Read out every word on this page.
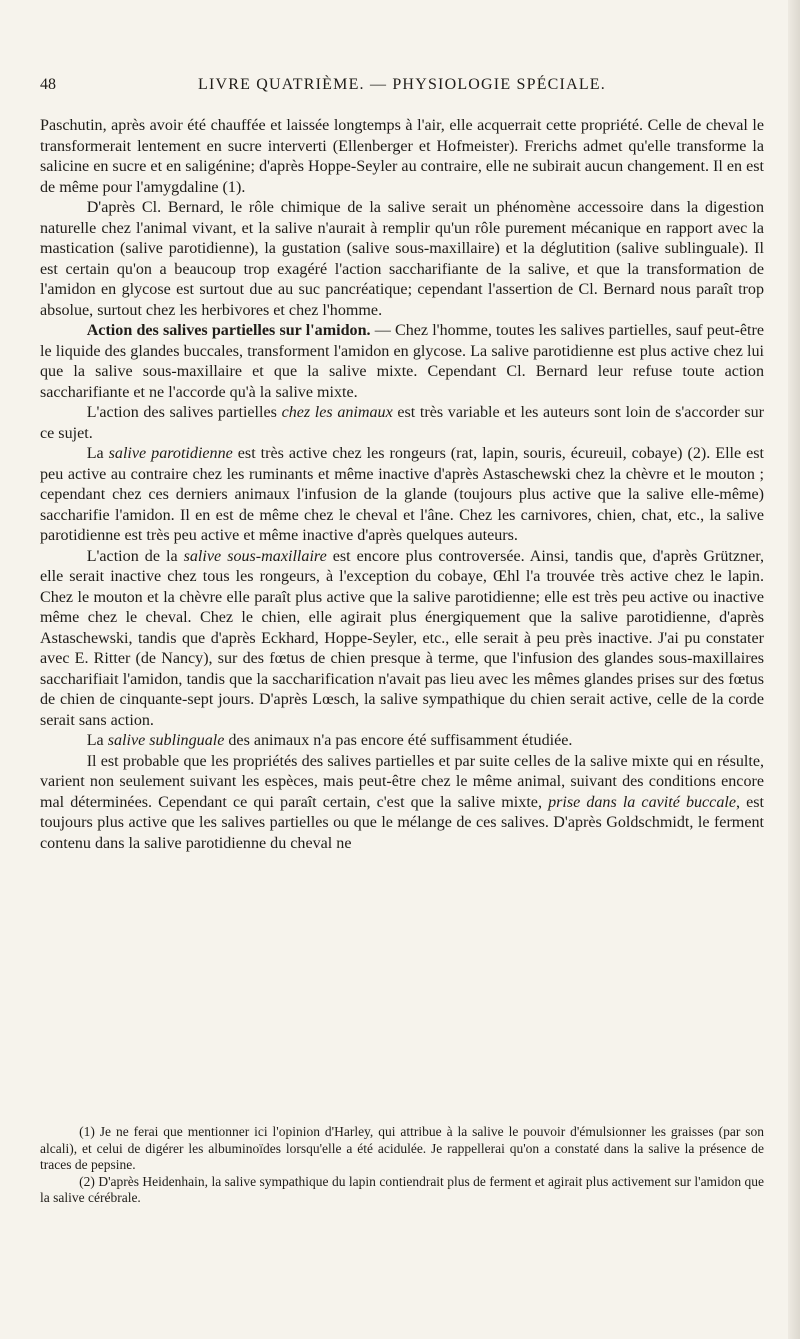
48	LIVRE QUATRIÈME. — PHYSIOLOGIE SPÉCIALE.

Paschutin, après avoir été chauffée et laissée longtemps à l'air, elle acquerrait cette propriété. Celle de cheval le transformerait lentement en sucre interverti (Ellenberger et Hofmeister). Frerichs admet qu'elle transforme la salicine en sucre et en saligénine; d'après Hoppe-Seyler au contraire, elle ne subirait aucun changement. Il en est de même pour l'amygdaline (1).

D'après Cl. Bernard, le rôle chimique de la salive serait un phénomène accessoire dans la digestion naturelle chez l'animal vivant, et la salive n'aurait à remplir qu'un rôle purement mécanique en rapport avec la mastication (salive parotidienne), la gustation (salive sous-maxillaire) et la déglutition (salive sublinguale). Il est certain qu'on a beaucoup trop exagéré l'action saccharifiante de la salive, et que la transformation de l'amidon en glycose est surtout due au suc pancréatique; cependant l'assertion de Cl. Bernard nous paraît trop absolue, surtout chez les herbivores et chez l'homme.

Action des salives partielles sur l'amidon. — Chez l'homme, toutes les salives partielles, sauf peut-être le liquide des glandes buccales, transforment l'amidon en glycose. La salive parotidienne est plus active chez lui que la salive sous-maxillaire et que la salive mixte. Cependant Cl. Bernard leur refuse toute action saccharifiante et ne l'accorde qu'à la salive mixte.

L'action des salives partielles chez les animaux est très variable et les auteurs sont loin de s'accorder sur ce sujet.

La salive parotidienne est très active chez les rongeurs (rat, lapin, souris, écureuil, cobaye) (2). Elle est peu active au contraire chez les ruminants et même inactive d'après Astaschewski chez la chèvre et le mouton ; cependant chez ces derniers animaux l'infusion de la glande (toujours plus active que la salive elle-même) saccharifie l'amidon. Il en est de même chez le cheval et l'âne. Chez les carnivores, chien, chat, etc., la salive parotidienne est très peu active et même inactive d'après quelques auteurs.

L'action de la salive sous-maxillaire est encore plus controversée. Ainsi, tandis que, d'après Grützner, elle serait inactive chez tous les rongeurs, à l'exception du cobaye, Œhl l'a trouvée très active chez le lapin. Chez le mouton et la chèvre elle paraît plus active que la salive parotidienne; elle est très peu active ou inactive même chez le cheval. Chez le chien, elle agirait plus énergiquement que la salive parotidienne, d'après Astaschewski, tandis que d'après Eckhard, Hoppe-Seyler, etc., elle serait à peu près inactive. J'ai pu constater avec E. Ritter (de Nancy), sur des fœtus de chien presque à terme, que l'infusion des glandes sous-maxillaires saccharifiait l'amidon, tandis que la saccharification n'avait pas lieu avec les mêmes glandes prises sur des fœtus de chien de cinquante-sept jours. D'après Lœsch, la salive sympathique du chien serait active, celle de la corde serait sans action.

La salive sublinguale des animaux n'a pas encore été suffisamment étudiée.

Il est probable que les propriétés des salives partielles et par suite celles de la salive mixte qui en résulte, varient non seulement suivant les espèces, mais peut-être chez le même animal, suivant des conditions encore mal déterminées. Cependant ce qui paraît certain, c'est que la salive mixte, prise dans la cavité buccale, est toujours plus active que les salives partielles ou que le mélange de ces salives. D'après Goldschmidt, le ferment contenu dans la salive parotidienne du cheval ne

(1) Je ne ferai que mentionner ici l'opinion d'Harley, qui attribue à la salive le pouvoir d'émulsionner les graisses (par son alcali), et celui de digérer les albuminoïdes lorsqu'elle a été acidulée. Je rappellerai qu'on a constaté dans la salive la présence de traces de pepsine.

(2) D'après Heidenhain, la salive sympathique du lapin contiendrait plus de ferment et agirait plus activement sur l'amidon que la salive cérébrale.
